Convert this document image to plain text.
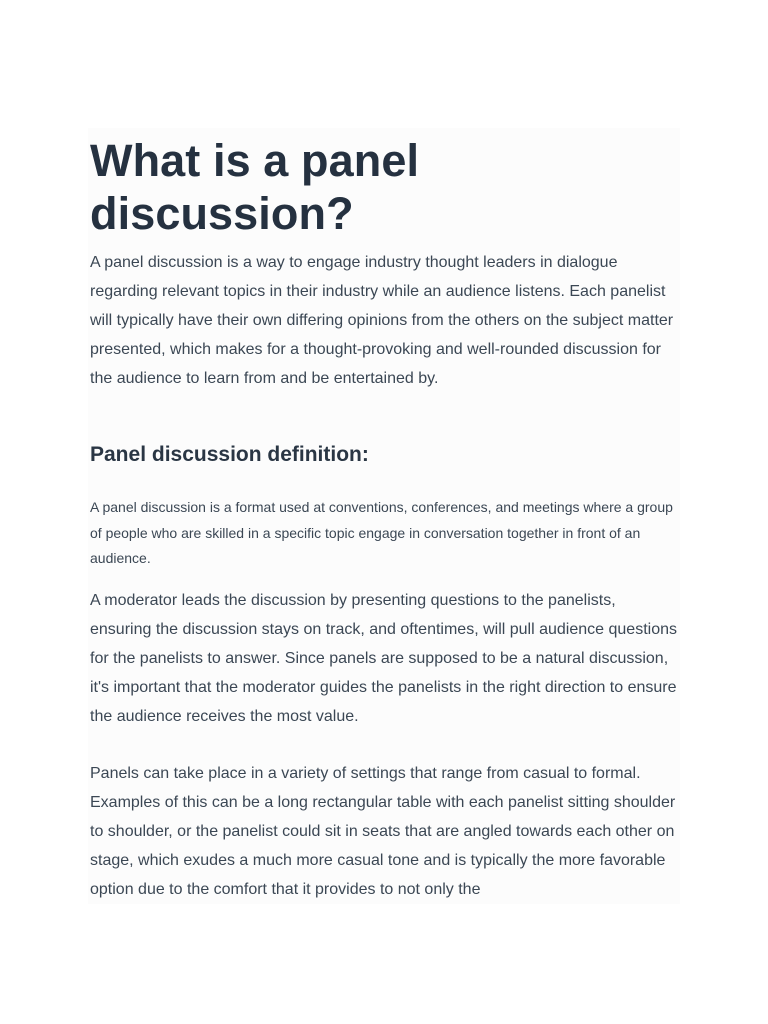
What is a panel discussion?

A panel discussion is a way to engage industry thought leaders in dialogue regarding relevant topics in their industry while an audience listens. Each panelist will typically have their own differing opinions from the others on the subject matter presented, which makes for a thought-provoking and well-rounded discussion for the audience to learn from and be entertained by.

Panel discussion definition:

A panel discussion is a format used at conventions, conferences, and meetings where a group of people who are skilled in a specific topic engage in conversation together in front of an audience.

A moderator leads the discussion by presenting questions to the panelists, ensuring the discussion stays on track, and oftentimes, will pull audience questions for the panelists to answer. Since panels are supposed to be a natural discussion, it's important that the moderator guides the panelists in the right direction to ensure the audience receives the most value.

Panels can take place in a variety of settings that range from casual to formal. Examples of this can be a long rectangular table with each panelist sitting shoulder to shoulder, or the panelist could sit in seats that are angled towards each other on stage, which exudes a much more casual tone and is typically the more favorable option due to the comfort that it provides to not only the
